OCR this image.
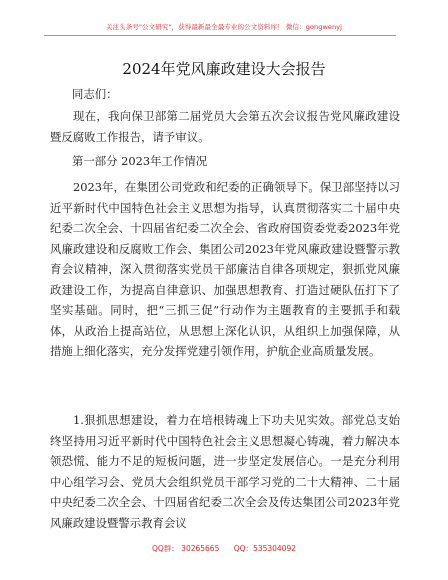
关注头条号"公文研究"，获得最新最全最专业的公文资料库！ 微信：gongwenyj
2024年党风廉政建设大会报告
同志们：
现在，我向保卫部第二届党员大会第五次会议报告党风廉政建设暨反腐败工作报告，请予审议。
第一部分 2023年工作情况
2023年，在集团公司党政和纪委的正确领导下。保卫部坚持以习近平新时代中国特色社会主义思想为指导，认真贯彻落实二十届中央纪委二次全会、十四届省纪委二次全会、省政府国资委党委2023年党风廉政建设和反腐败工作会、集团公司2023年党风廉政建设暨警示教育会议精神，深入贯彻落实党员干部廉洁自律各项规定，狠抓党风廉政建设工作，为提高自律意识、加强思想教育、打造过硬队伍打下了坚实基础。同时，把“三抓三促”行动作为主题教育的主要抓手和载体，从政治上提高站位，从思想上深化认识，从组织上加强保障，从措施上细化落实，充分发挥党建引领作用，护航企业高质量发展。
1.狠抓思想建设，着力在培根铸魂上下功夫见实效。部党总支始终坚持用习近平新时代中国特色社会主义思想凝心铸魂，着力解决本领恐慌、能力不足的短板问题，进一步坚定发展信心。一是充分利用中心组学习会、党员大会组织党员干部学习党的二十大精神、二十届中央纪委二次全会、十四届省纪委二次全会及传达集团公司2023年党风廉政建设暨警示教育会议
QQ群： 30265665 QQ：535304092
